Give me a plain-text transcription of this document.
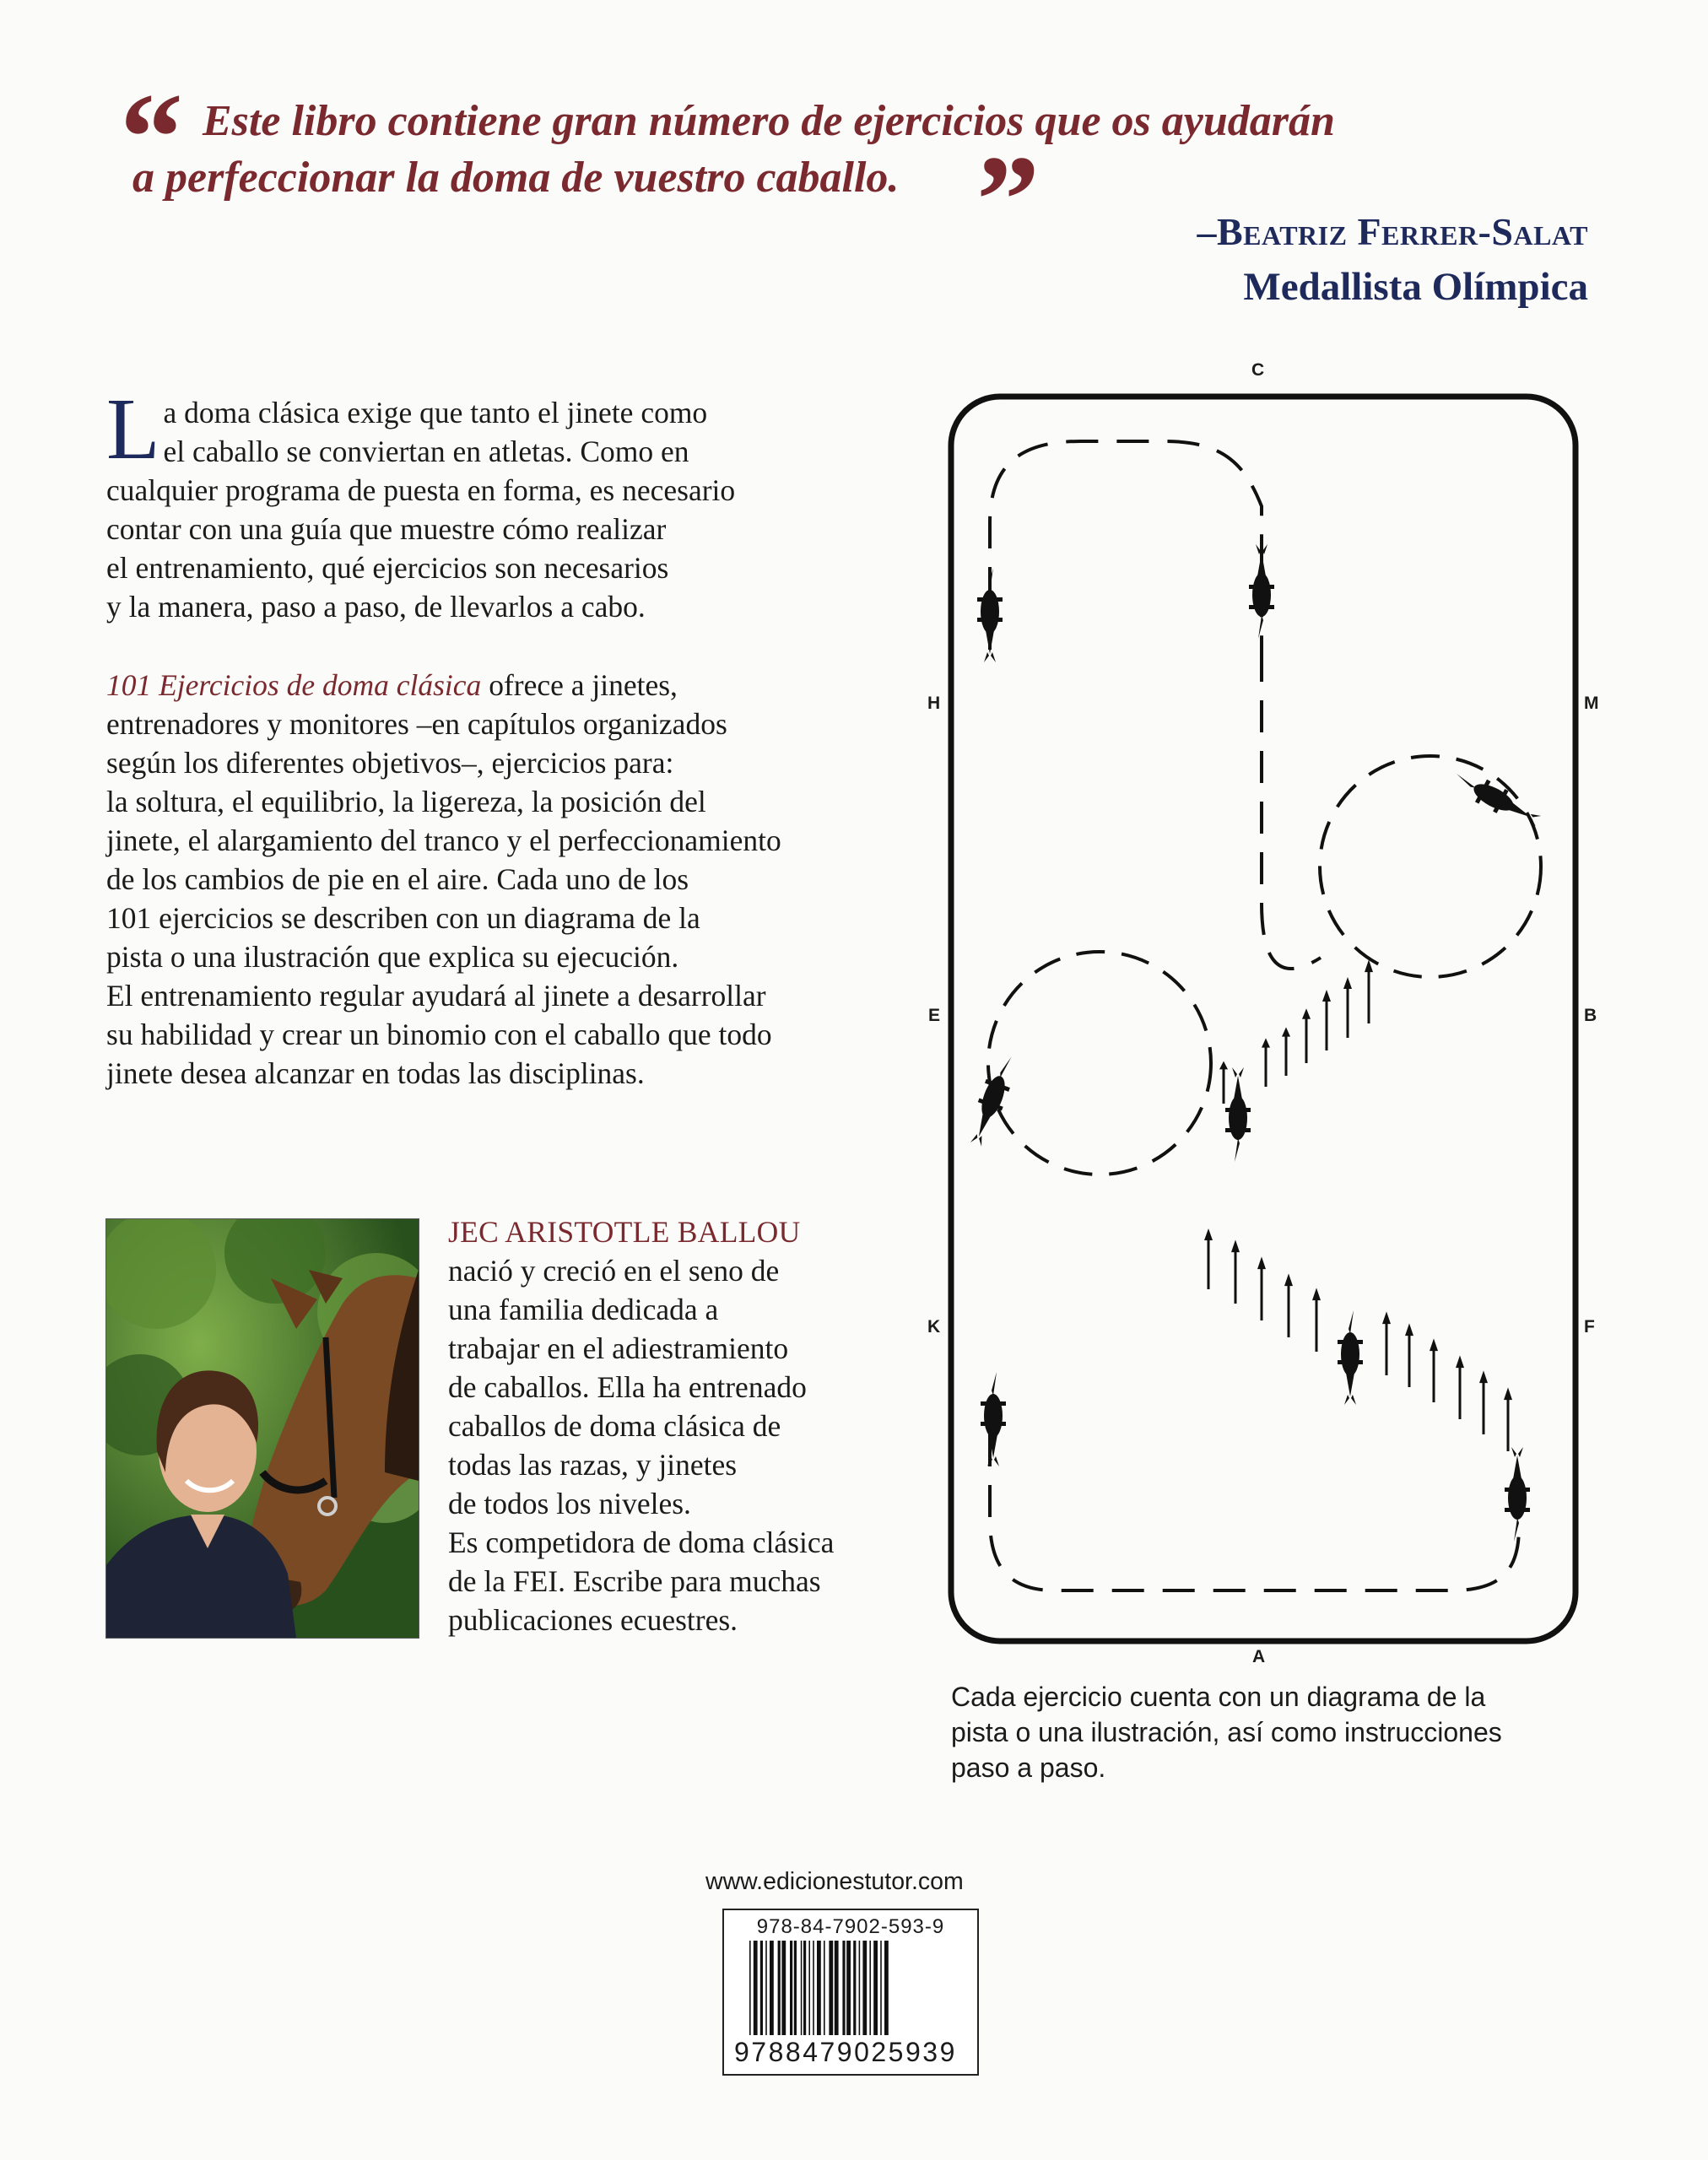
“ Este libro contiene gran número de ejercicios que os ayudarán
a perfeccionar la doma de vuestro caballo. ”	–Beatriz Ferrer-Salat
Medallista Olímpica
L a doma clásica exige que tanto el jinete como
el caballo se conviertan en atletas. Como en
cualquier programa de puesta en forma, es necesario
contar con una guía que muestre cómo realizar
el entrenamiento, qué ejercicios son necesarios
y la manera, paso a paso, de llevarlos a cabo.
101 Ejercicios de doma clásica ofrece a jinetes,
entrenadores y monitores –en capítulos organizados
según los diferentes objetivos–, ejercicios para:
la soltura, el equilibrio, la ligereza, la posición del
jinete, el alargamiento del tranco y el perfeccionamiento
de los cambios de pie en el aire. Cada uno de los
101 ejercicios se describen con un diagrama de la
pista o una ilustración que explica su ejecución.
El entrenamiento regular ayudará al jinete a desarrollar
su habilidad y crear un binomio con el caballo que todo
jinete desea alcanzar en todas las disciplinas.
JEC ARISTOTLE BALLOU
nació y creció en el seno de
una familia dedicada a
trabajar en el adiestramiento
de caballos. Ella ha entrenado
caballos de doma clásica de
todas las razas, y jinetes
de todos los niveles.
Es competidora de doma clásica
de la FEI. Escribe para muchas
publicaciones ecuestres.
C
H	M
E	B
K	F
A
Cada ejercicio cuenta con un diagrama de la
pista o una ilustración, así como instrucciones
paso a paso.
www.edicionestutor.com
978-84-7902-593-9
9788479025939
